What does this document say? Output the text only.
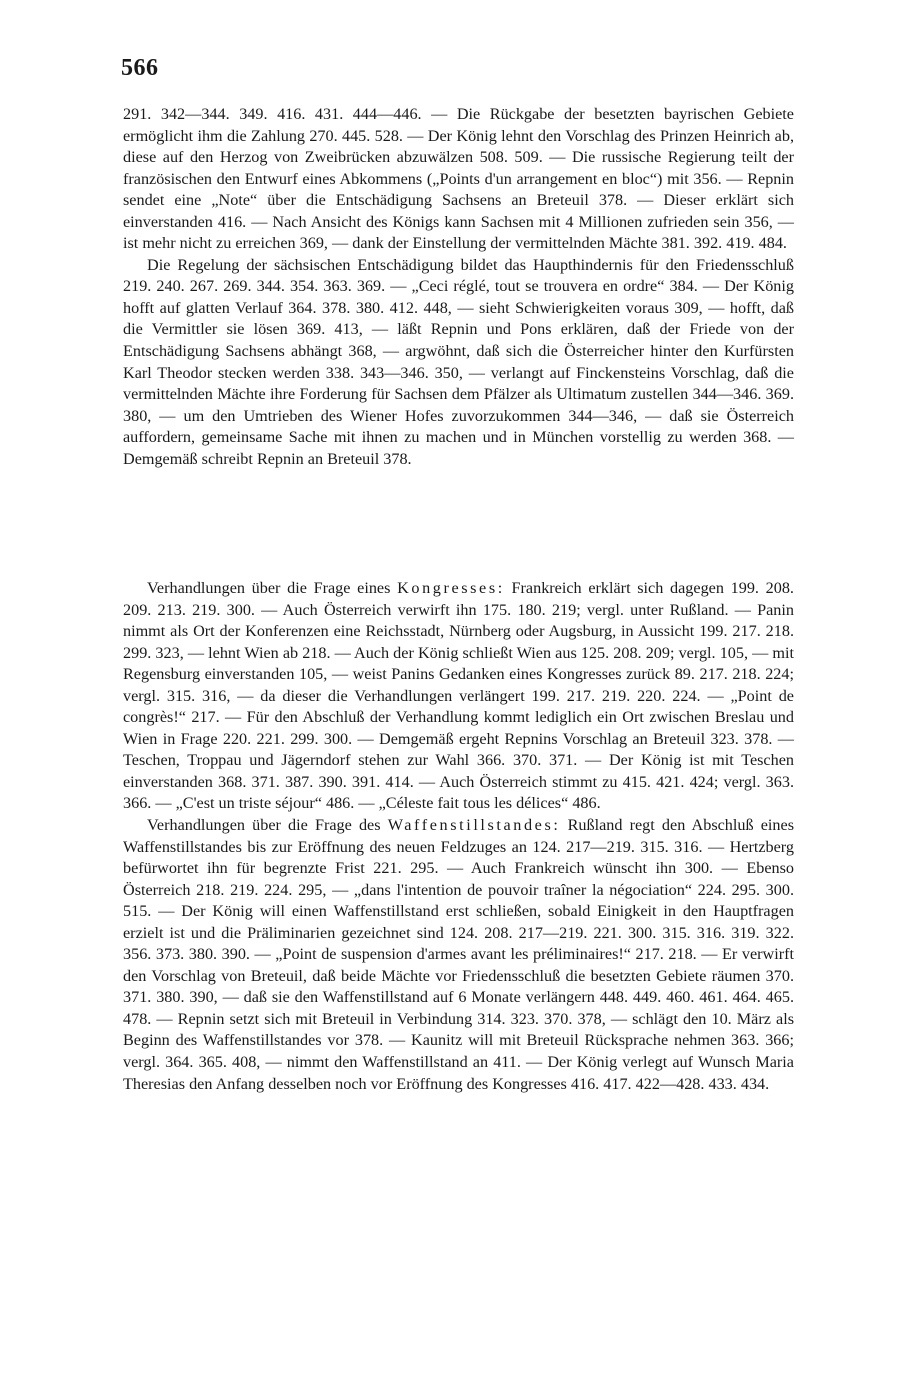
566

291. 342—344. 349. 416. 431. 444—446. — Die Rückgabe der besetzten bayrischen Gebiete ermöglicht ihm die Zahlung 270. 445. 528. — Der König lehnt den Vorschlag des Prinzen Heinrich ab, diese auf den Herzog von Zweibrücken abzuwälzen 508. 509. — Die russische Regierung teilt der französischen den Entwurf eines Abkommens („Points d'un arrangement en bloc“) mit 356. — Repnin sendet eine „Note“ über die Entschädigung Sachsens an Breteuil 378. — Dieser erklärt sich einverstanden 416. — Nach Ansicht des Königs kann Sachsen mit 4 Millionen zufrieden sein 356, — ist mehr nicht zu erreichen 369, — dank der Einstellung der vermittelnden Mächte 381. 392. 419. 484.

Die Regelung der sächsischen Entschädigung bildet das Haupthindernis für den Friedensschluß 219. 240. 267. 269. 344. 354. 363. 369. — „Ceci réglé, tout se trouvera en ordre“ 384. — Der König hofft auf glatten Verlauf 364. 378. 380. 412. 448, — sieht Schwierigkeiten voraus 309, — hofft, daß die Vermittler sie lösen 369. 413, — läßt Repnin und Pons erklären, daß der Friede von der Entschädigung Sachsens abhängt 368, — argwöhnt, daß sich die Österreicher hinter den Kurfürsten Karl Theodor stecken werden 338. 343—346. 350, — verlangt auf Finckensteins Vorschlag, daß die vermittelnden Mächte ihre Forderung für Sachsen dem Pfälzer als Ultimatum zustellen 344—346. 369. 380, — um den Umtrieben des Wiener Hofes zuvorzukommen 344—346, — daß sie Österreich auffordern, gemeinsame Sache mit ihnen zu machen und in München vorstellig zu werden 368. — Demgemäß schreibt Repnin an Breteuil 378.

Verhandlungen über die Frage eines Kongresses: Frankreich erklärt sich dagegen 199. 208. 209. 213. 219. 300. — Auch Österreich verwirft ihn 175. 180. 219; vergl. unter Rußland. — Panin nimmt als Ort der Konferenzen eine Reichsstadt, Nürnberg oder Augsburg, in Aussicht 199. 217. 218. 299. 323, — lehnt Wien ab 218. — Auch der König schließt Wien aus 125. 208. 209; vergl. 105, — mit Regensburg einverstanden 105, — weist Panins Gedanken eines Kongresses zurück 89. 217. 218. 224; vergl. 315. 316, — da dieser die Verhandlungen verlängert 199. 217. 219. 220. 224. — „Point de congrès!“ 217. — Für den Abschluß der Verhandlung kommt lediglich ein Ort zwischen Breslau und Wien in Frage 220. 221. 299. 300. — Demgemäß ergeht Repnins Vorschlag an Breteuil 323. 378. — Teschen, Troppau und Jägerndorf stehen zur Wahl 366. 370. 371. — Der König ist mit Teschen einverstanden 368. 371. 387. 390. 391. 414. — Auch Österreich stimmt zu 415. 421. 424; vergl. 363. 366. — „C'est un triste séjour“ 486. — „Céleste fait tous les délices“ 486.

Verhandlungen über die Frage des Waffenstillstandes: Rußland regt den Abschluß eines Waffenstillstandes bis zur Eröffnung des neuen Feldzuges an 124. 217—219. 315. 316. — Hertzberg befürwortet ihn für begrenzte Frist 221. 295. — Auch Frankreich wünscht ihn 300. — Ebenso Österreich 218. 219. 224. 295, — „dans l'intention de pouvoir traîner la négociation“ 224. 295. 300. 515. — Der König will einen Waffenstillstand erst schließen, sobald Einigkeit in den Hauptfragen erzielt ist und die Präliminarien gezeichnet sind 124. 208. 217—219. 221. 300. 315. 316. 319. 322. 356. 373. 380. 390. — „Point de suspension d'armes avant les préliminaires!“ 217. 218. — Er verwirft den Vorschlag von Breteuil, daß beide Mächte vor Friedensschluß die besetzten Gebiete räumen 370. 371. 380. 390, — daß sie den Waffenstillstand auf 6 Monate verlängern 448. 449. 460. 461. 464. 465. 478. — Repnin setzt sich mit Breteuil in Verbindung 314. 323. 370. 378, — schlägt den 10. März als Beginn des Waffenstillstandes vor 378. — Kaunitz will mit Breteuil Rücksprache nehmen 363. 366; vergl. 364. 365. 408, — nimmt den Waffenstillstand an 411. — Der König verlegt auf Wunsch Maria Theresias den Anfang desselben noch vor Eröffnung des Kongresses 416. 417. 422—428. 433. 434.
